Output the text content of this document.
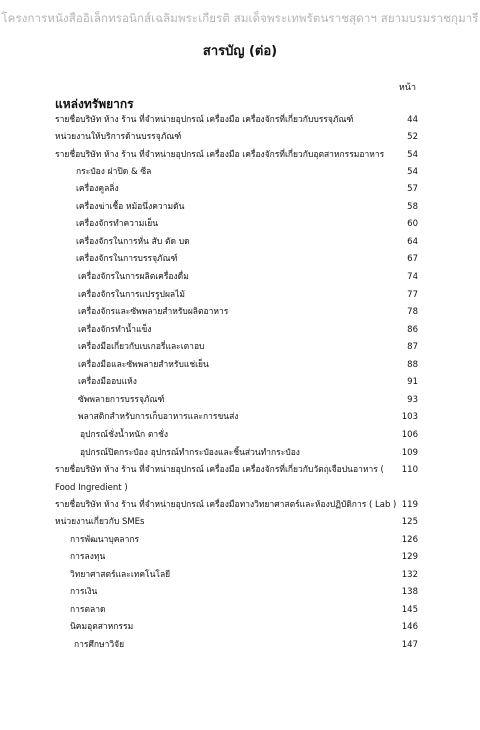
โครงการหนังสืออิเล็กทรอนิกส์เฉลิมพระเกียรติ สมเด็จพระเทพรัตนราชสุดาฯ สยามบรมราชกุมารี
สารบัญ (ต่อ)
หน้า
แหล่งทรัพยากร
รายชื่อบริษัท ห้าง ร้าน ที่จำหน่ายอุปกรณ์ เครื่องมือ เครื่องจักรที่เกี่ยวกับบรรจุภัณฑ์	44
หน่วยงานให้บริการด้านบรรจุภัณฑ์	52
รายชื่อบริษัท ห้าง ร้าน ที่จำหน่ายอุปกรณ์ เครื่องมือ เครื่องจักรที่เกี่ยวกับอุตสาหกรรมอาหาร	54
กระป๋อง ฝาปิด & ซีล	54
เครื่องคูลลิ่ง	57
เครื่องฆ่าเชื้อ หม้อนึ่งความดัน	58
เครื่องจักรทำความเย็น	60
เครื่องจักรในการหั่น สับ ตัด บด	64
เครื่องจักรในการบรรจุภัณฑ์	67
เครื่องจักรในการผลิตเครื่องดื่ม	74
เครื่องจักรในการแปรรูปผลไม้	77
เครื่องจักรและซัพพลายสำหรับผลิตอาหาร	78
เครื่องจักรทำน้ำแข็ง	86
เครื่องมือเกี่ยวกับเบเกอรี่และเตาอบ	87
เครื่องมือและซัพพลายสำหรับแช่เย็น	88
เครื่องมืออบแห้ง	91
ซัพพลายการบรรจุภัณฑ์	93
พลาสติกสำหรับการเก็บอาหารและการขนส่ง	103
อุปกรณ์ชั่งน้ำหนัก ตาชั่ง	106
อุปกรณ์ปิดกระป๋อง อุปกรณ์ทำกระป๋องและชิ้นส่วนทำกระป๋อง	109
รายชื่อบริษัท ห้าง ร้าน ที่จำหน่ายอุปกรณ์ เครื่องมือ เครื่องจักรที่เกี่ยวกับวัตถุเจือปนอาหาร (	110
Food Ingredient )
รายชื่อบริษัท ห้าง ร้าน ที่จำหน่ายอุปกรณ์ เครื่องมือทางวิทยาศาสตร์และห้องปฏิบัติการ ( Lab ) 119
หน่วยงานเกี่ยวกับ SMEs	125
การพัฒนาบุคลากร	126
การลงทุน	129
วิทยาศาสตร์และเทคโนโลยี	132
การเงิน	138
การตลาด	145
นิคมอุตสาหกรรม	146
การศึกษาวิจัย	147
